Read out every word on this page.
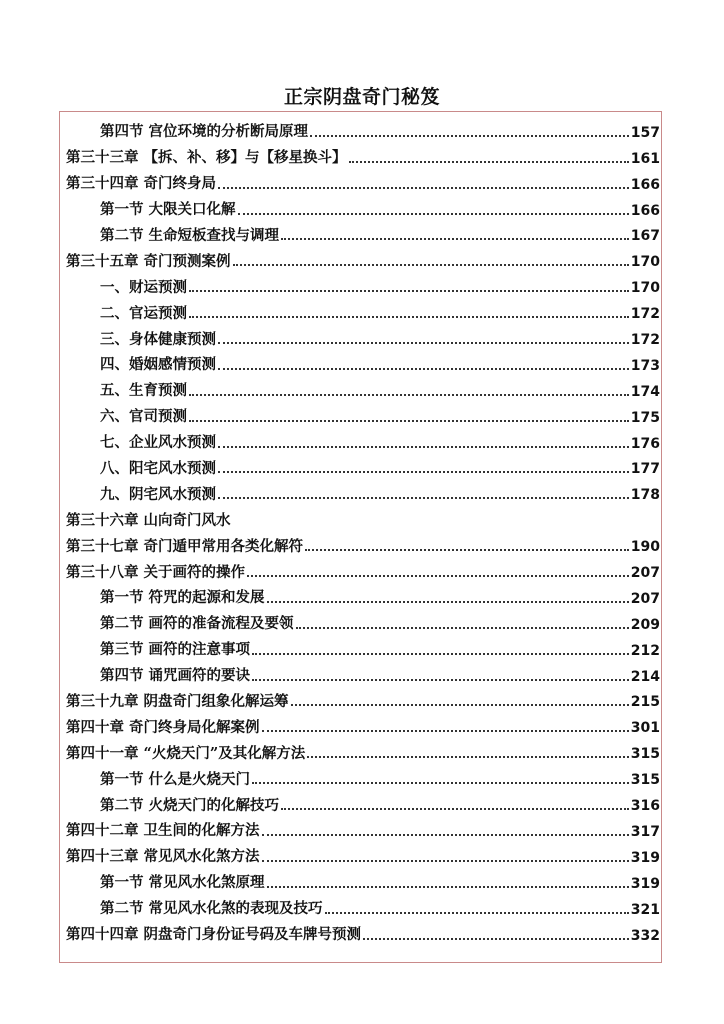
正宗阴盘奇门秘笈
第四节 宫位环境的分析断局原理	157
第三十三章 【拆、补、移】与【移星换斗】	161
第三十四章 奇门终身局	166
第一节 大限关口化解	166
第二节 生命短板查找与调理	167
第三十五章 奇门预测案例	170
一、财运预测	170
二、官运预测	172
三、身体健康预测	172
四、婚姻感情预测	173
五、生育预测	174
六、官司预测	175
七、企业风水预测	176
八、阳宅风水预测	177
九、阴宅风水预测	178
第三十六章 山向奇门风水
第三十七章 奇门遁甲常用各类化解符	190
第三十八章 关于画符的操作	207
第一节 符咒的起源和发展	207
第二节 画符的准备流程及要领	209
第三节 画符的注意事项	212
第四节 诵咒画符的要诀	214
第三十九章 阴盘奇门组象化解运筹	215
第四十章 奇门终身局化解案例	301
第四十一章 “火烧天门”及其化解方法	315
第一节 什么是火烧天门	315
第二节 火烧天门的化解技巧	316
第四十二章 卫生间的化解方法	317
第四十三章 常见风水化煞方法	319
第一节 常见风水化煞原理	319
第二节 常见风水化煞的表现及技巧	321
第四十四章 阴盘奇门身份证号码及车牌号预测	332
